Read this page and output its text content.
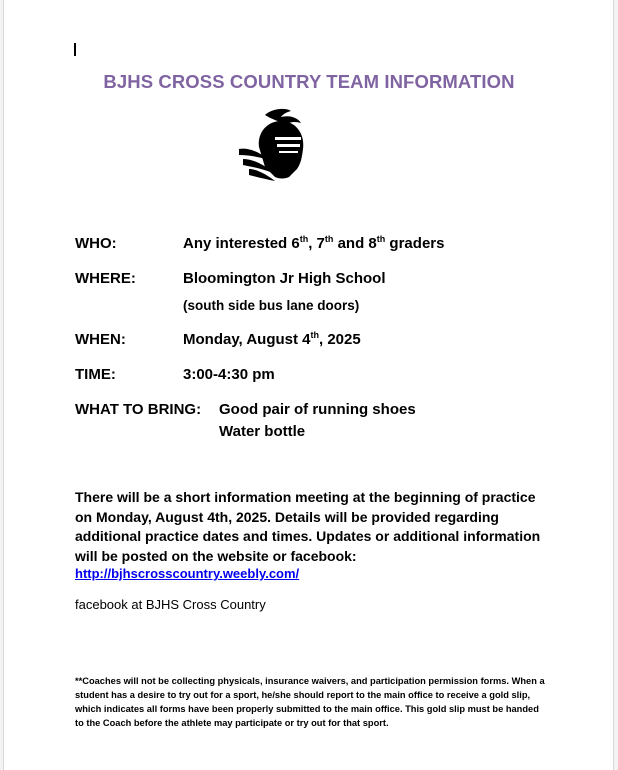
BJHS CROSS COUNTRY TEAM INFORMATION
WHO:	Any interested 6th, 7th and 8th graders
WHERE:	Bloomington Jr High School
(south side bus lane doors)
WHEN:	Monday, August 4th, 2025
TIME:	3:00-4:30 pm
WHAT TO BRING: Good pair of running shoes
Water bottle
There will be a short information meeting at the beginning of practice on Monday, August 4th, 2025. Details will be provided regarding additional practice dates and times. Updates or additional information will be posted on the website or facebook:
http://bjhscrosscountry.weebly.com/
facebook at BJHS Cross Country
**Coaches will not be collecting physicals, insurance waivers, and participation permission forms. When a student has a desire to try out for a sport, he/she should report to the main office to receive a gold slip, which indicates all forms have been properly submitted to the main office. This gold slip must be handed to the Coach before the athlete may participate or try out for that sport.
